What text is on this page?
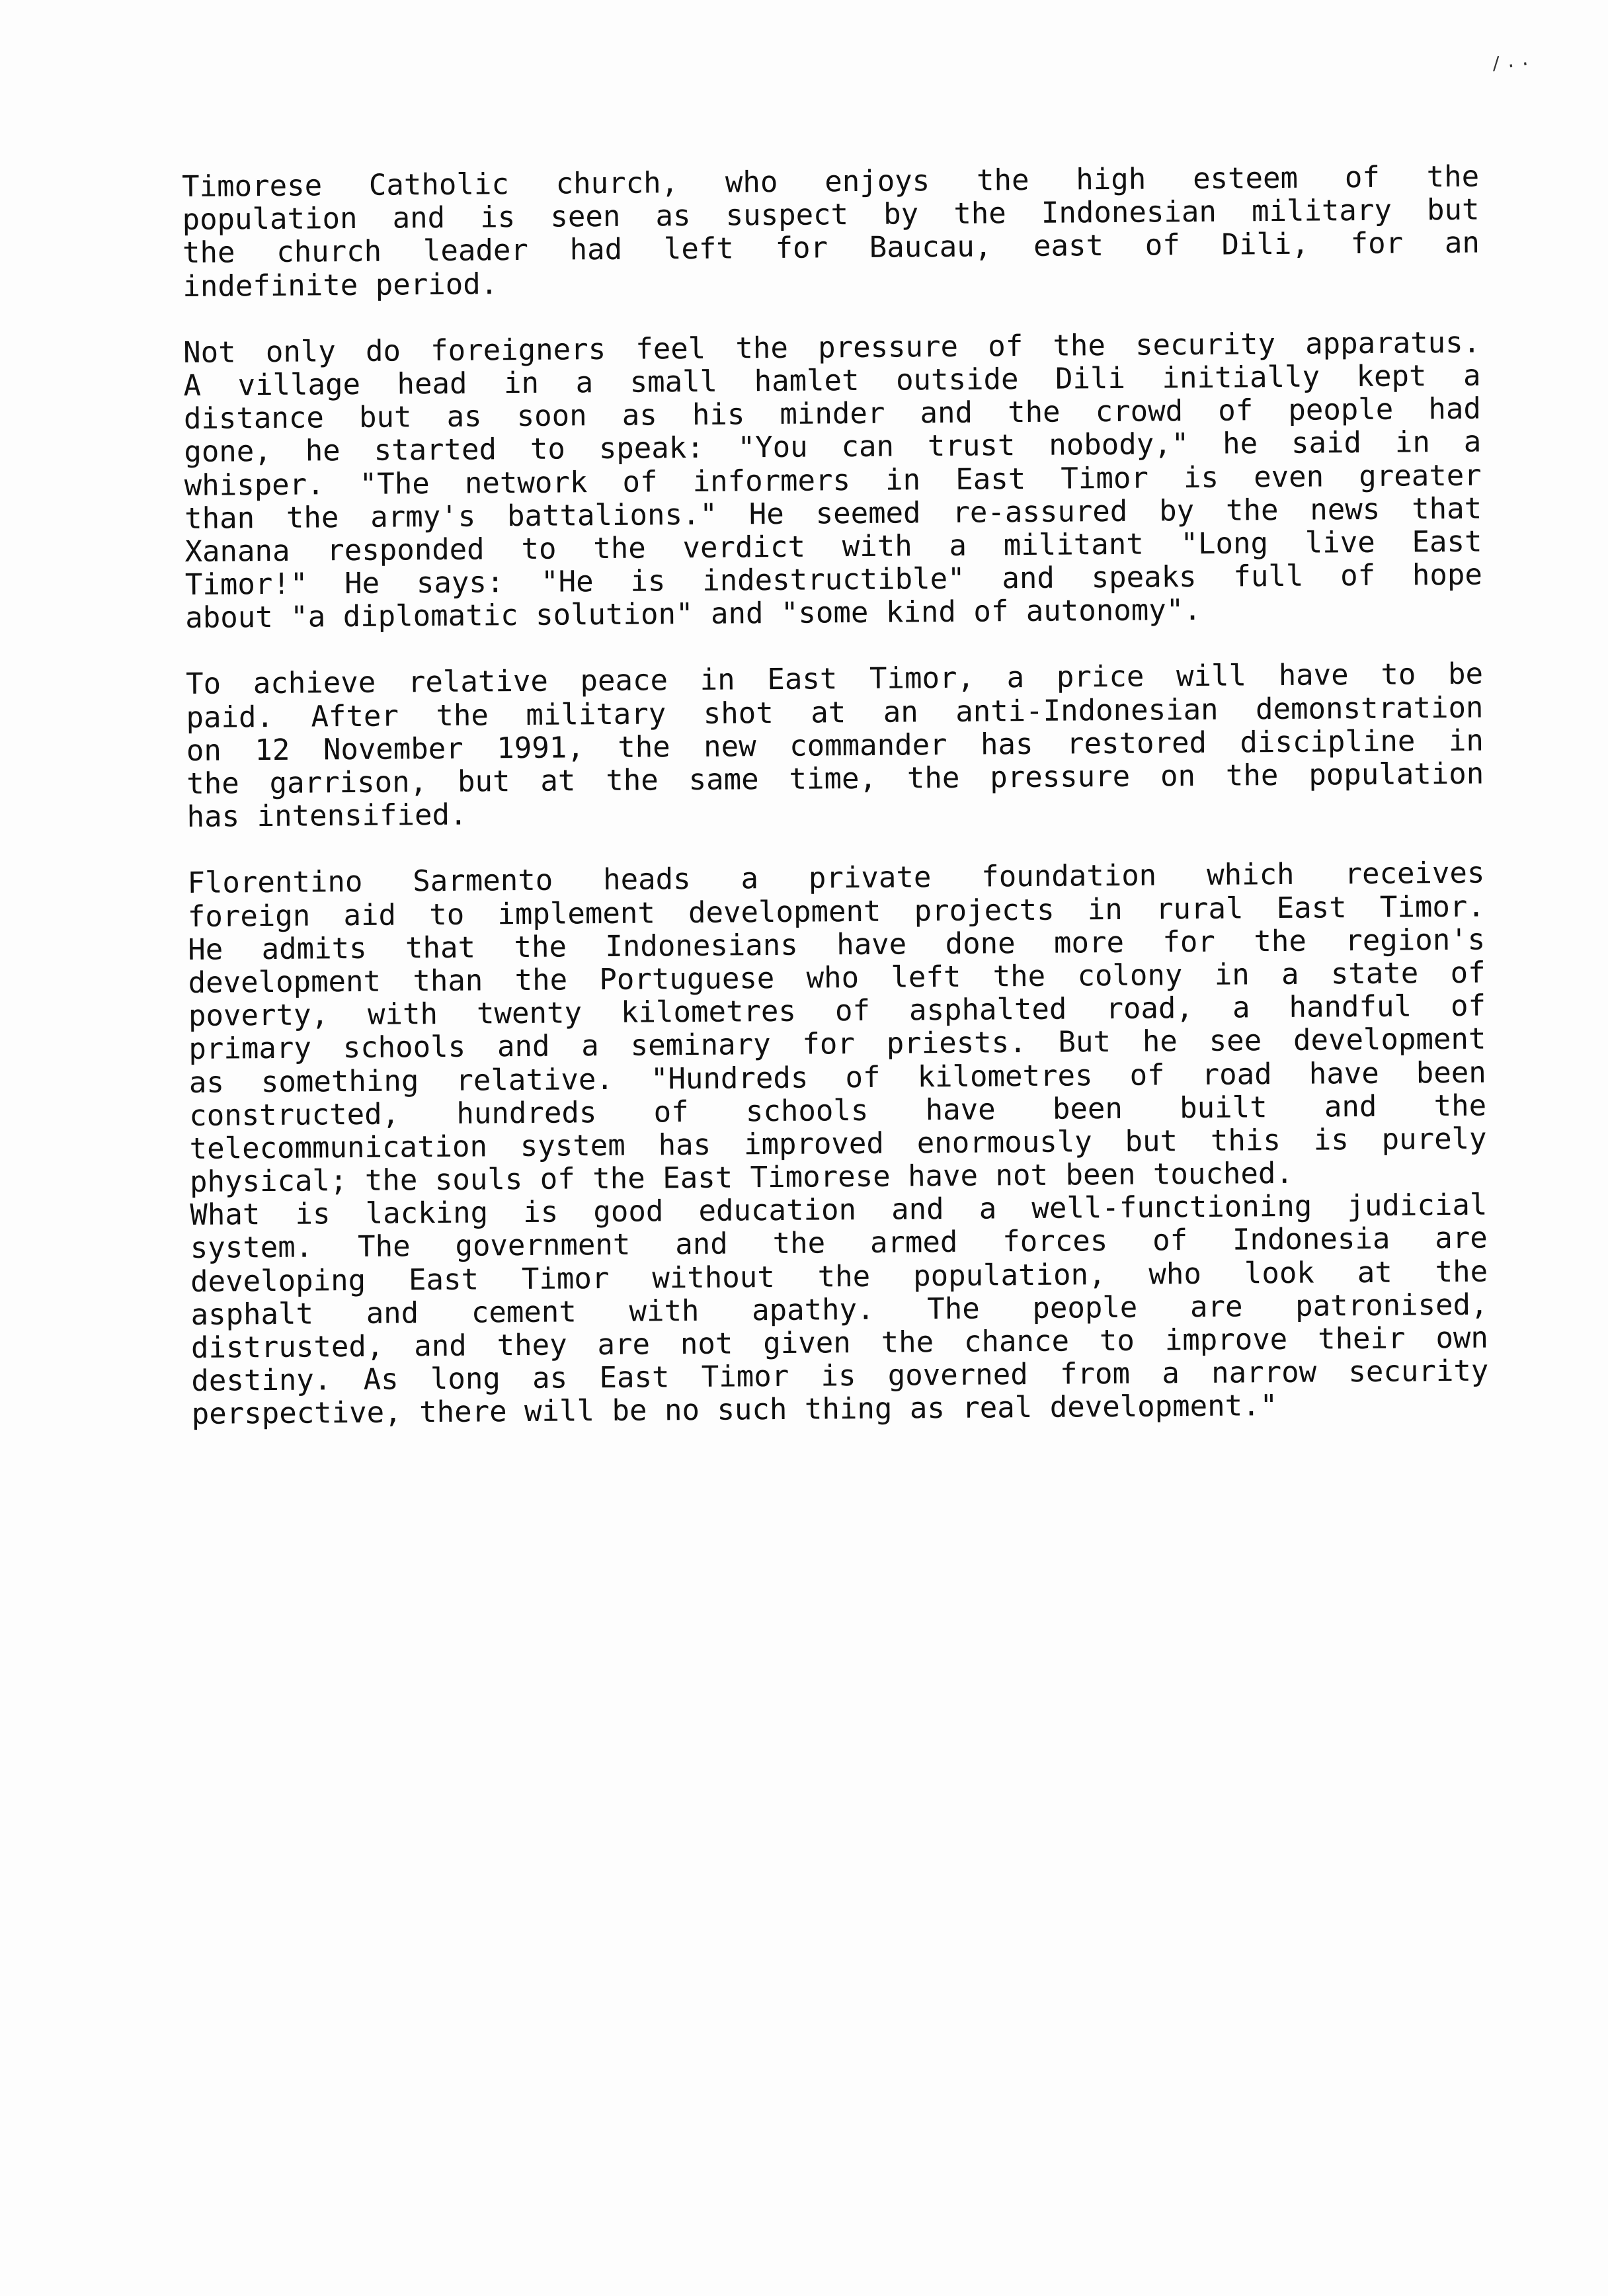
/..
Timorese Catholic church, who enjoys the high esteem of the
population and is seen as suspect by the Indonesian military but
the church leader had left for Baucau, east of Dili, for an
indefinite period.
Not only do foreigners feel the pressure of the security apparatus.
A village head in a small hamlet outside Dili initially kept a
distance but as soon as his minder and the crowd of people had
gone, he started to speak: "You can trust nobody," he said in a
whisper. "The network of informers in East Timor is even greater
than the army's battalions." He seemed re-assured by the news that
Xanana responded to the verdict with a militant "Long live East
Timor!" He says: "He is indestructible" and speaks full of hope
about "a diplomatic solution" and "some kind of autonomy".
To achieve relative peace in East Timor, a price will have to be
paid. After the military shot at an anti-Indonesian demonstration
on 12 November 1991, the new commander has restored discipline in
the garrison, but at the same time, the pressure on the population
has intensified.
Florentino Sarmento heads a private foundation which receives
foreign aid to implement development projects in rural East Timor.
He admits that the Indonesians have done more for the region's
development than the Portuguese who left the colony in a state of
poverty, with twenty kilometres of asphalted road, a handful of
primary schools and a seminary for priests. But he see development
as something relative. "Hundreds of kilometres of road have been
constructed, hundreds of schools have been built and the
telecommunication system has improved enormously but this is purely
physical; the souls of the East Timorese have not been touched.
What is lacking is good education and a well-functioning judicial
system. The government and the armed forces of Indonesia are
developing East Timor without the population, who look at the
asphalt and cement with apathy. The people are patronised,
distrusted, and they are not given the chance to improve their own
destiny. As long as East Timor is governed from a narrow security
perspective, there will be no such thing as real development."
